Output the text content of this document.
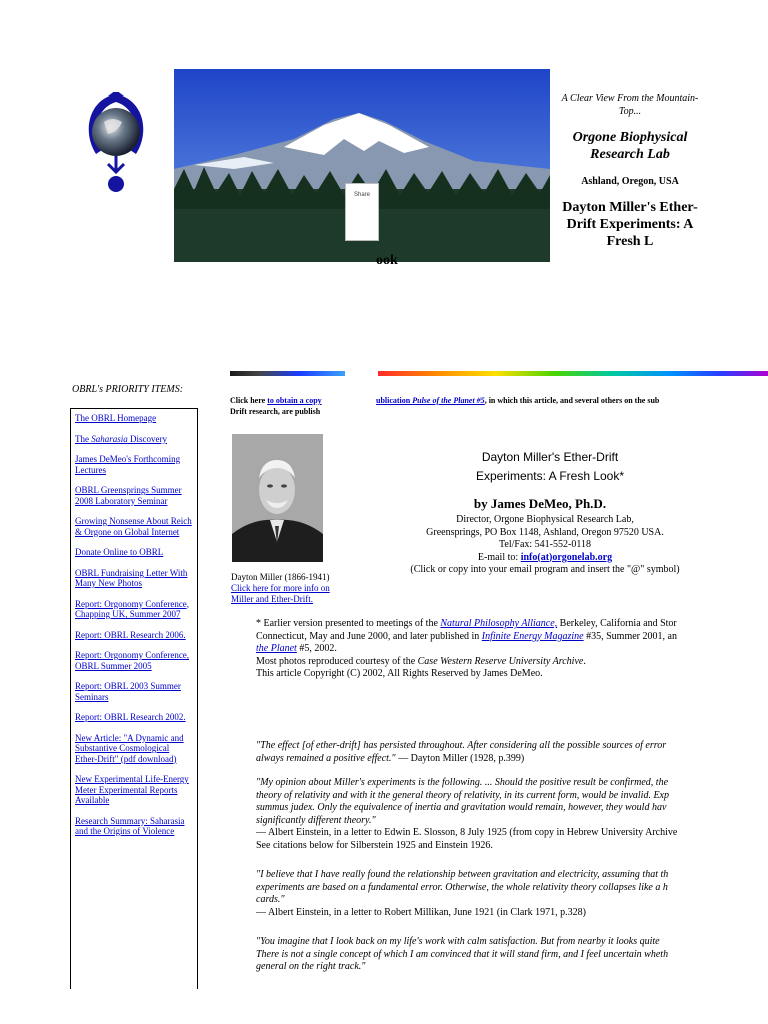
Share
A Clear View From the Mountain-Top...
Orgone Biophysical Research Lab
Ashland, Oregon, USA
Dayton Miller's Ether-Drift Experiments: A Fresh L
ook
OBRL's PRIORITY ITEMS:
The OBRL Homepage
The Saharasia Discovery
James DeMeo's Forthcoming Lectures
OBRL Greensprings Summer 2008 Laboratory Seminar
Growing Nonsense About Reich & Orgone on Global Internet
Donate Online to OBRL
OBRL Fundraising Letter With Many New Photos
Report: Orgonomy Conference, Chapping UK, Summer 2007
Report: OBRL Research 2006.
Report: Orgonomy Conference, OBRL Summer 2005
Report: OBRL 2003 Summer Seminars
Report: OBRL Research 2002.
New Article: "A Dynamic and Substantive Cosmological Ether-Drift" (pdf download)
New Experimental Life-Energy Meter Experimental Reports Available
Research Summary: Saharasia and the Origins of Violence
Click here to obtain a copy
Drift research, are publish
ublication Pulse of the Planet #5, in which this article, and several others on the sub
Dayton Miller (1866-1941)
Click here for more info on Miller and Ether-Drift.
Dayton Miller's Ether-Drift
Experiments: A Fresh Look*
by James DeMeo, Ph.D.
Director, Orgone Biophysical Research Lab,
Greensprings, PO Box 1148, Ashland, Oregon 97520 USA.
Tel/Fax: 541-552-0118
E-mail to: info(at)orgonelab.org
(Click or copy into your email program and insert the "@" symbol)
* Earlier version presented to meetings of the Natural Philosophy Alliance, Berkeley, California and Stor
Connecticut, May and June 2000, and later published in Infinite Energy Magazine #35, Summer 2001, an
the Planet #5, 2002.
Most photos reproduced courtesy of the Case Western Reserve University Archive.
This article Copyright (C) 2002, All Rights Reserved by James DeMeo.
"The effect [of ether-drift] has persisted throughout. After considering all the possible sources of error
always remained a positive effect." — Dayton Miller (1928, p.399)
"My opinion about Miller's experiments is the following. ... Should the positive result be confirmed, the
theory of relativity and with it the general theory of relativity, in its current form, would be invalid. Exp
summus judex. Only the equivalence of inertia and gravitation would remain, however, they would hav
significantly different theory."
— Albert Einstein, in a letter to Edwin E. Slosson, 8 July 1925 (from copy in Hebrew University Archive
See citations below for Silberstein 1925 and Einstein 1926.
"I believe that I have really found the relationship between gravitation and electricity, assuming that th
experiments are based on a fundamental error. Otherwise, the whole relativity theory collapses like a h
cards."
— Albert Einstein, in a letter to Robert Millikan, June 1921 (in Clark 1971, p.328)
"You imagine that I look back on my life's work with calm satisfaction. But from nearby it looks quite
There is not a single concept of which I am convinced that it will stand firm, and I feel uncertain wheth
general on the right track."
